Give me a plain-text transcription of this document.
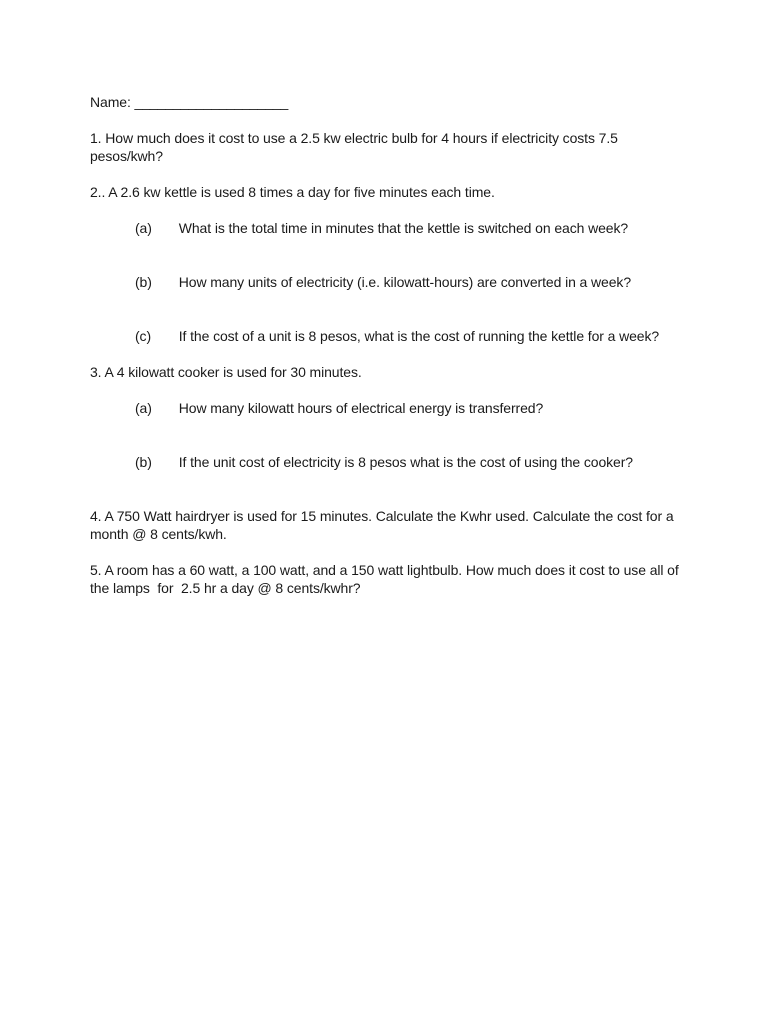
Name: ____________________
1. How much does it cost to use a 2.5 kw electric bulb for 4 hours if electricity costs 7.5 pesos/kwh?
2.. A 2.6 kw kettle is used 8 times a day for five minutes each time.

(a) What is the total time in minutes that the kettle is switched on each week?

(b) How many units of electricity (i.e. kilowatt-hours) are converted in a week?

(c) If the cost of a unit is 8 pesos, what is the cost of running the kettle for a week?

3. A 4 kilowatt cooker is used for 30 minutes.

(a) How many kilowatt hours of electrical energy is transferred?

(b) If the unit cost of electricity is 8 pesos what is the cost of using the cooker?

4. A 750 Watt hairdryer is used for 15 minutes. Calculate the Kwhr used. Calculate the cost for a month @ 8 cents/kwh.
5. A room has a 60 watt, a 100 watt, and a 150 watt lightbulb. How much does it cost to use all of the lamps  for  2.5 hr a day @ 8 cents/kwhr?
